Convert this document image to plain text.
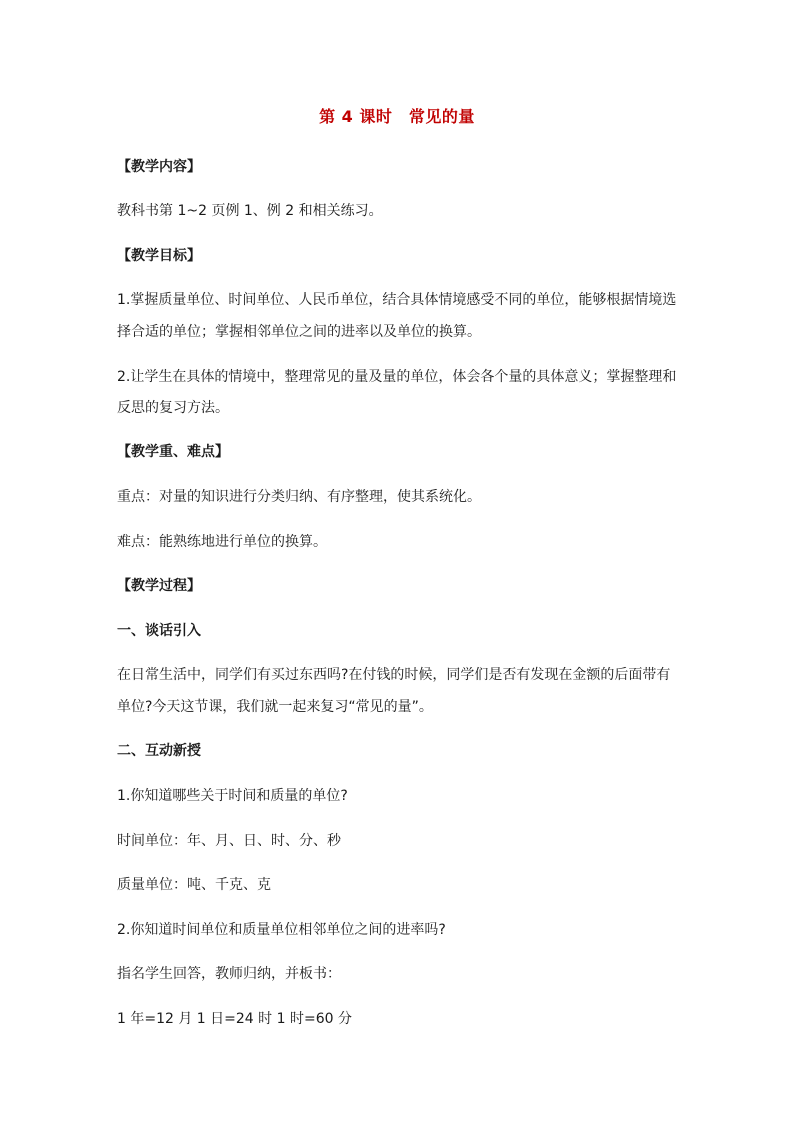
第 4 课时　常见的量
【教学内容】
教科书第 1~2 页例 1、例 2 和相关练习。
【教学目标】
1.掌握质量单位、时间单位、人民币单位，结合具体情境感受不同的单位，能够根据情境选
择合适的单位；掌握相邻单位之间的进率以及单位的换算。
2.让学生在具体的情境中，整理常见的量及量的单位，体会各个量的具体意义；掌握整理和
反思的复习方法。
【教学重、难点】
重点：对量的知识进行分类归纳、有序整理，使其系统化。
难点：能熟练地进行单位的换算。
【教学过程】
一、谈话引入
在日常生活中，同学们有买过东西吗?在付钱的时候，同学们是否有发现在金额的后面带有
单位?今天这节课，我们就一起来复习“常见的量”。
二、互动新授
1.你知道哪些关于时间和质量的单位?
时间单位：年、月、日、时、分、秒
质量单位：吨、千克、克
2.你知道时间单位和质量单位相邻单位之间的进率吗?
指名学生回答，教师归纳，并板书：
1 年=12 月 1 日=24 时 1 时=60 分
